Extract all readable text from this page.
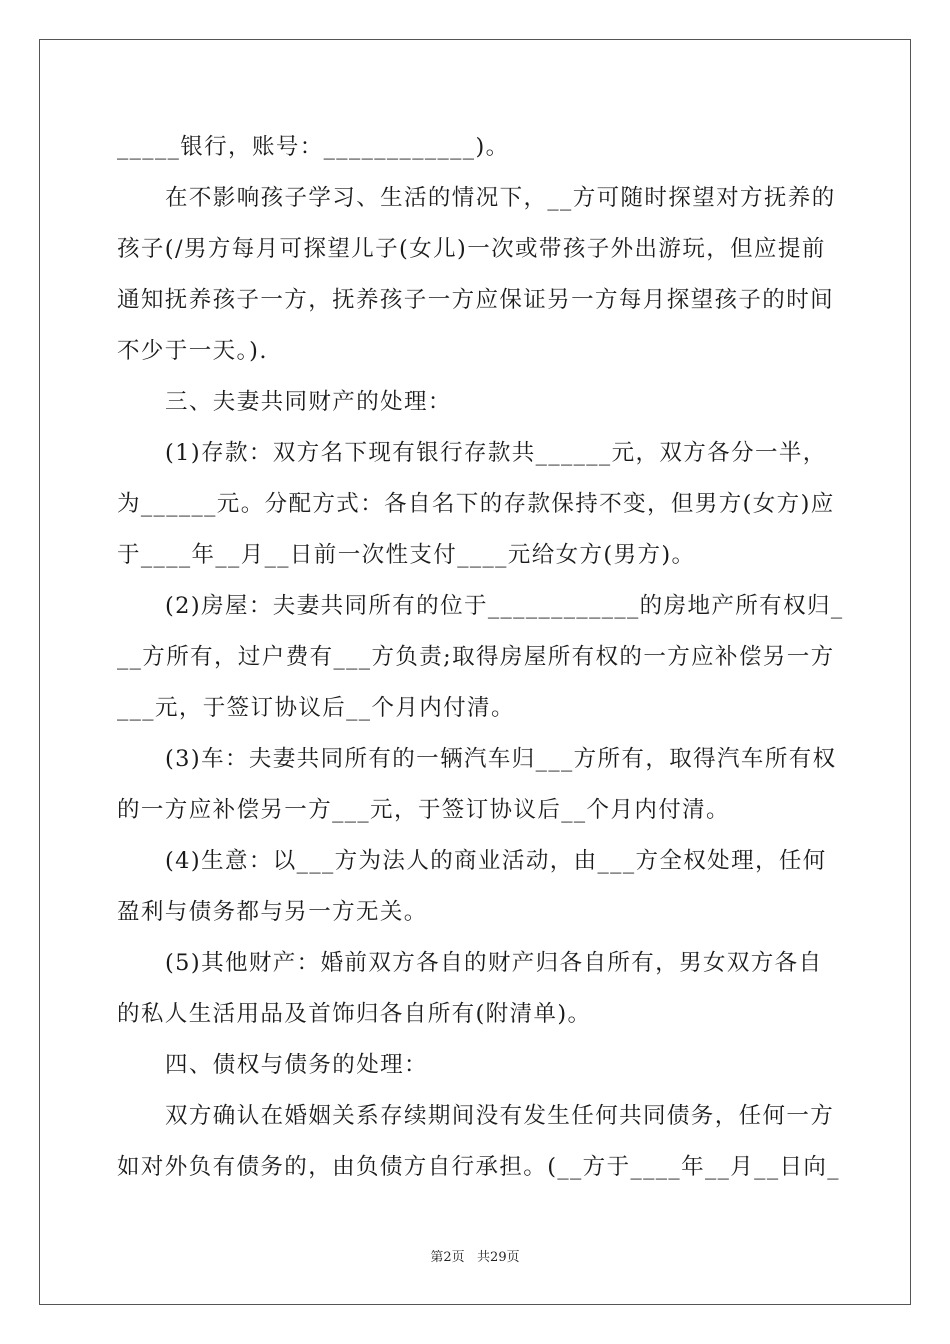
_____银行，账号：____________)。
在不影响孩子学习、生活的情况下，__方可随时探望对方抚养的
孩子(/男方每月可探望儿子(女儿)一次或带孩子外出游玩，但应提前
通知抚养孩子一方，抚养孩子一方应保证另一方每月探望孩子的时间
不少于一天。).
三、夫妻共同财产的处理：
(1)存款：双方名下现有银行存款共______元，双方各分一半，
为______元。分配方式：各自名下的存款保持不变，但男方(女方)应
于____年__月__日前一次性支付____元给女方(男方)。
(2)房屋：夫妻共同所有的位于____________的房地产所有权归_
__方所有，过户费有___方负责;取得房屋所有权的一方应补偿另一方
___元，于签订协议后__个月内付清。
(3)车：夫妻共同所有的一辆汽车归___方所有，取得汽车所有权
的一方应补偿另一方___元，于签订协议后__个月内付清。
(4)生意：以___方为法人的商业活动，由___方全权处理，任何
盈利与债务都与另一方无关。
(5)其他财产：婚前双方各自的财产归各自所有，男女双方各自
的私人生活用品及首饰归各自所有(附清单)。
四、债权与债务的处理：
双方确认在婚姻关系存续期间没有发生任何共同债务，任何一方
如对外负有债务的，由负债方自行承担。(__方于____年__月__日向_
第2页   共29页
